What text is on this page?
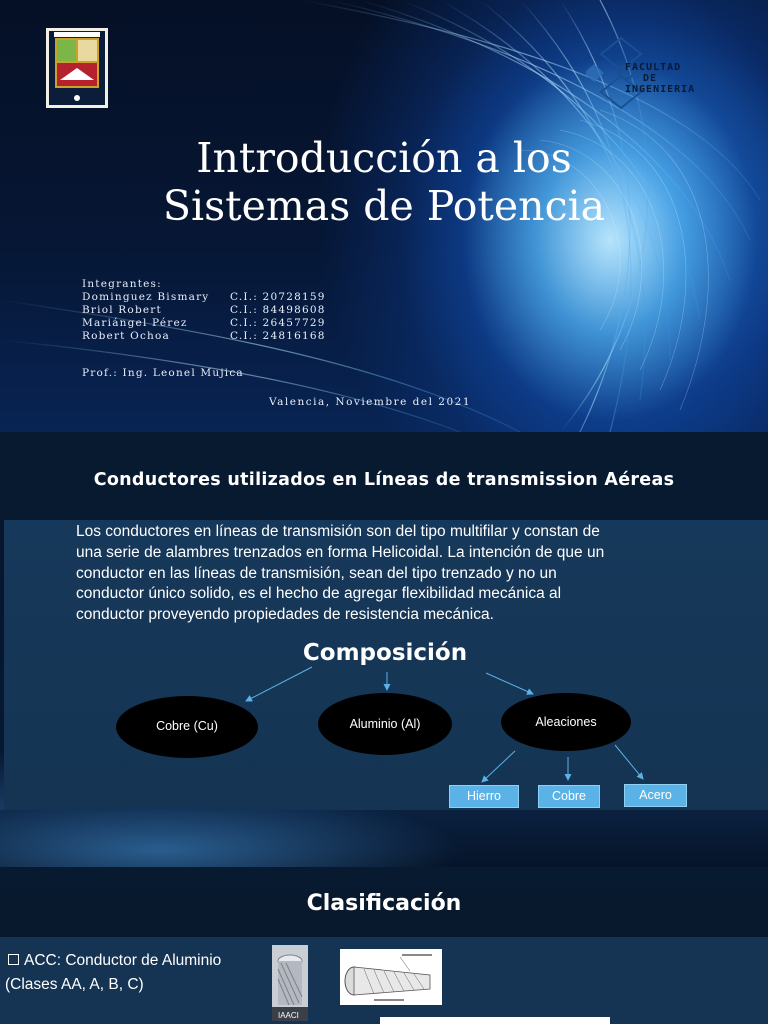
FACULTAD
DE
INGENIERIA
Introducción a los
Sistemas de Potencia
Integrantes:
Dominguez Bismary	C.I.: 20728159
Briol Robert	C.I.: 84498608
Mariángel Pérez	C.I.: 26457729
Robert Ochoa	C.I.: 24816168
Prof.: Ing. Leonel Mujica
Valencia, Noviembre del 2021
Conductores utilizados en Líneas de transmission Aéreas
Los conductores en líneas de transmisión son del tipo multifilar y constan de
una serie de alambres trenzados en forma Helicoidal. La intención de que un
conductor en las líneas de transmisión, sean del tipo trenzado y no un
conductor único solido, es el hecho de agregar flexibilidad mecánica al
conductor proveyendo propiedades de resistencia mecánica.
Composición
Cobre (Cu)	Aluminio (Al)	Aleaciones
Hierro	Cobre	Acero
Clasificación
ACC: Conductor de Aluminio
(Clases AA, A, B, C)
IAACI
